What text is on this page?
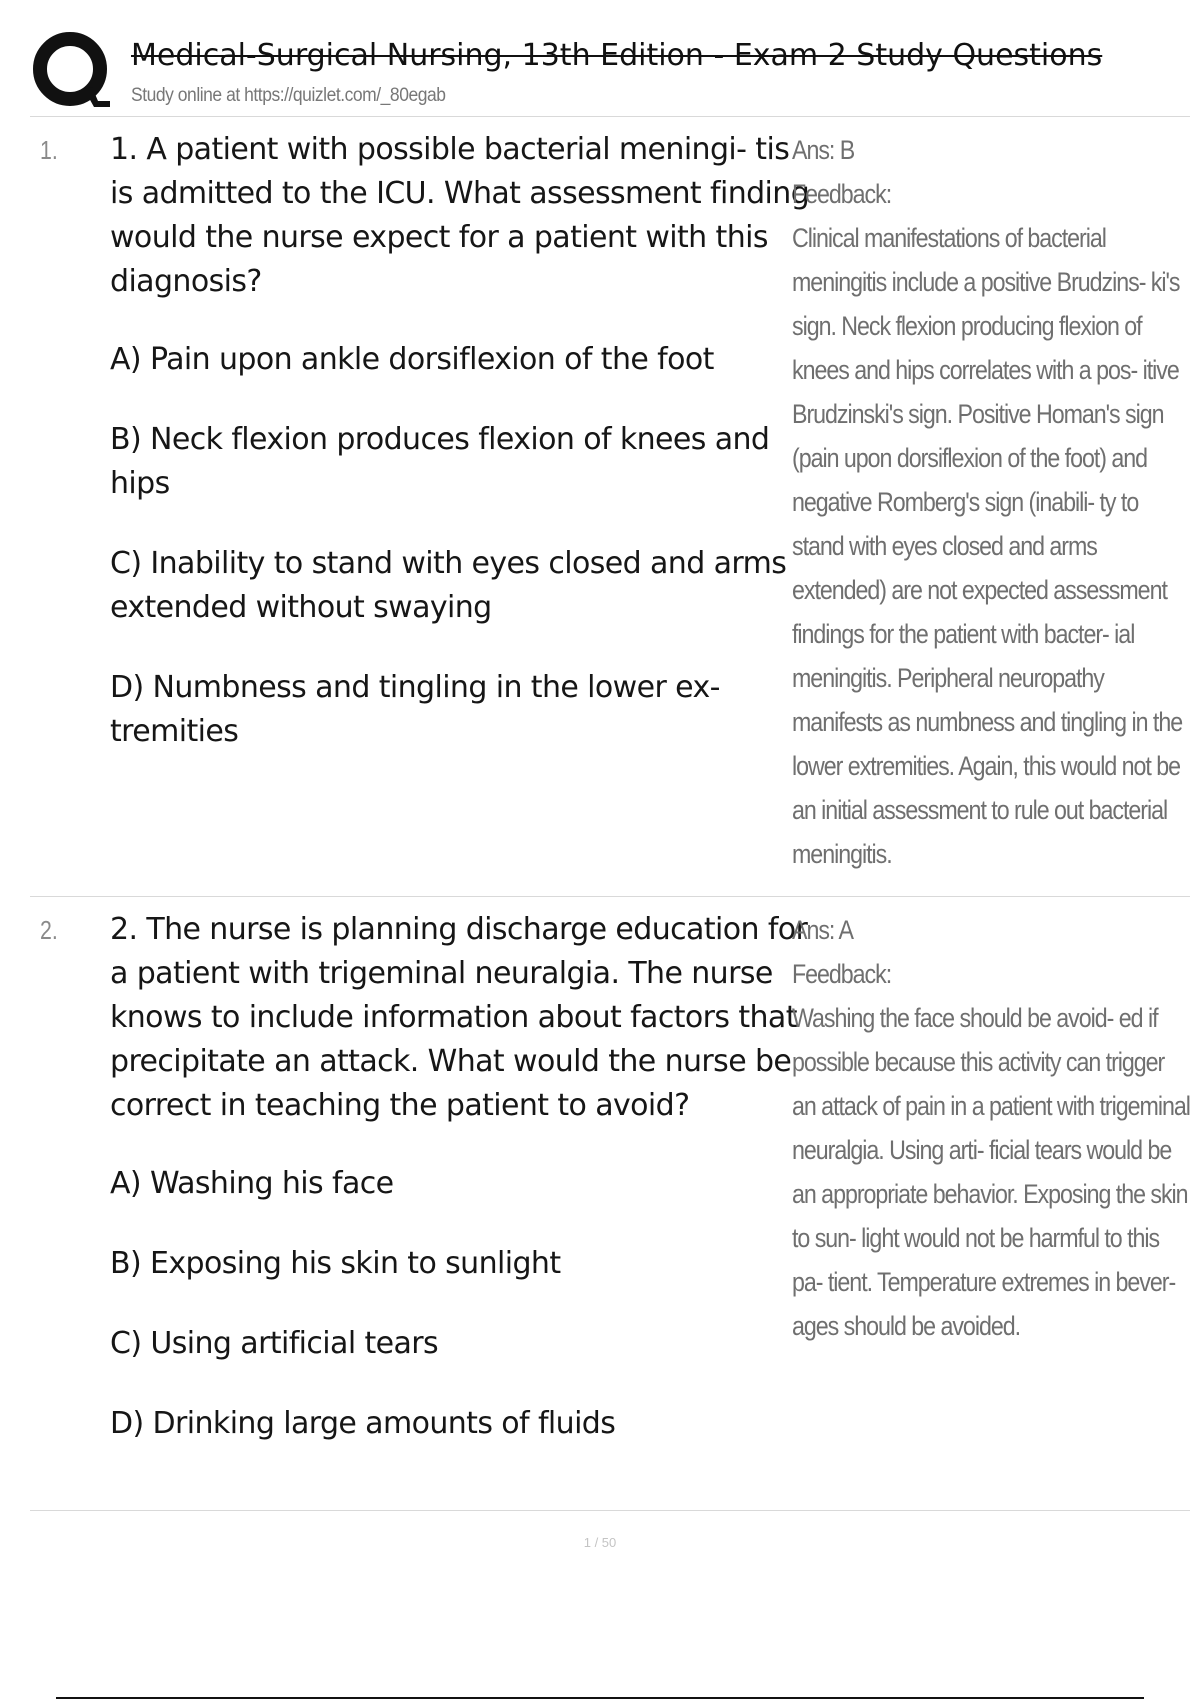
Medical-Surgical Nursing, 13th Edition - Exam 2 Study Questions
Study online at https://quizlet.com/_80egab
1. 1. A patient with possible bacterial meningi- tis is admitted to the ICU. What assessment finding would the nurse expect for a patient with this diagnosis?

A) Pain upon ankle dorsiflexion of the foot

B) Neck flexion produces flexion of knees and hips

C) Inability to stand with eyes closed and arms extended without swaying

D) Numbness and tingling in the lower ex- tremities

Ans: B

Feedback:

Clinical manifestations of bacterial meningitis include a positive Brudzins- ki's sign. Neck flexion producing flexion of knees and hips correlates with a pos- itive Brudzinski's sign. Positive Homan's sign (pain upon dorsiflexion of the foot) and negative Romberg's sign (inabili- ty to stand with eyes closed and arms extended) are not expected assessment findings for the patient with bacter- ial meningitis. Peripheral neuropathy manifests as numbness and tingling in the lower extremities. Again, this would not be an initial assessment to rule out bacterial meningitis.

2. 2. The nurse is planning discharge education for a patient with trigeminal neuralgia. The nurse knows to include information about factors that precipitate an attack. What would the nurse be correct in teaching the patient to avoid?

A) Washing his face

B) Exposing his skin to sunlight

C) Using artificial tears

D) Drinking large amounts of fluids

Ans: A

Feedback:

Washing the face should be avoid- ed if possible because this activity can trigger an attack of pain in a patient with trigeminal neuralgia. Using arti- ficial tears would be an appropriate behavior. Exposing the skin to sun- light would not be harmful to this pa- tient. Temperature extremes in bever- ages should be avoided.

1 / 50
